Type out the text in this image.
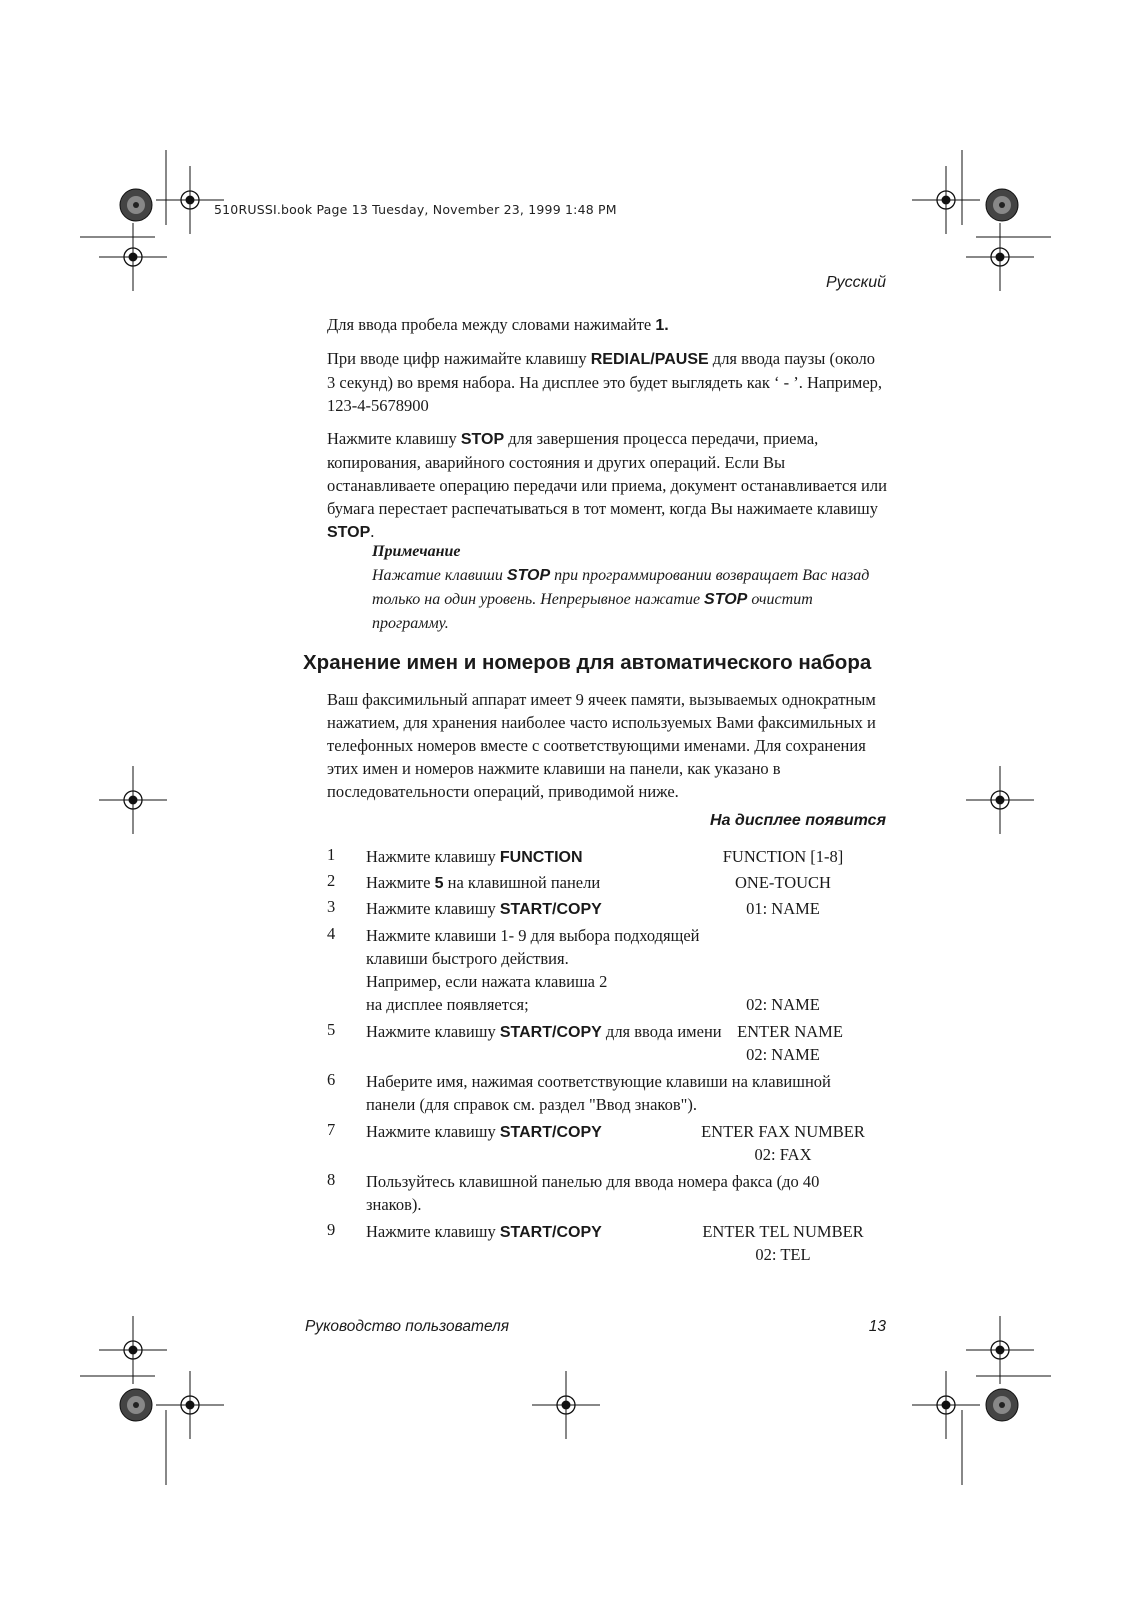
510RUSSI.book Page 13 Tuesday, November 23, 1999 1:48 PM
Русский

Для ввода пробела между словами нажимайте 1.

При вводе цифр нажимайте клавишу REDIAL/PAUSE для ввода паузы (около 3 секунд) во время набора. На дисплее это будет выглядеть как ‘ - ’. Например, 123-4-5678900

Нажмите клавишу STOP для завершения процесса передачи, приема, копирования, аварийного состояния и других операций. Если Вы останавливаете операцию передачи или приема, документ останавливается или бумага перестает распечатываться в тот момент, когда Вы нажимаете клавишу STOP.

Примечание
Нажатие клавиши STOP при программировании возвращает Вас назад только на один уровень. Непрерывное нажатие STOP очистит программу.
Хранение имен и номеров для автоматического набора
Ваш факсимильный аппарат имеет 9 ячеек памяти, вызываемых однократным нажатием, для хранения наиболее часто используемых Вами факсимильных и телефонных номеров вместе с соответствующими именами. Для сохранения этих имен и номеров нажмите клавиши на панели, как указано в последовательности операций, приводимой ниже.
На дисплее появится
1	Нажмите клавишу FUNCTION	FUNCTION [1-8]
2	Нажмите 5 на клавишной панели	ONE-TOUCH
3	Нажмите клавишу START/COPY	01: NAME
4	Нажмите клавиши 1- 9 для выбора подходящей
клавиши быстрого действия.
Например, если нажата клавиша 2
на дисплее появляется;	02: NAME
5	Нажмите клавишу START/COPY для ввода имени ENTER NAME
02: NAME
6	Наберите имя, нажимая соответствующие клавиши на клавишной
панели (для справок см. раздел "Ввод знаков").
7	Нажмите клавишу START/COPY	ENTER FAX NUMBER
02: FAX
8	Пользуйтесь клавишной панелью для ввода номера факса (до 40
знаков).
9	Нажмите клавишу START/COPY	ENTER TEL NUMBER
02: TEL
Руководство пользователя	13
